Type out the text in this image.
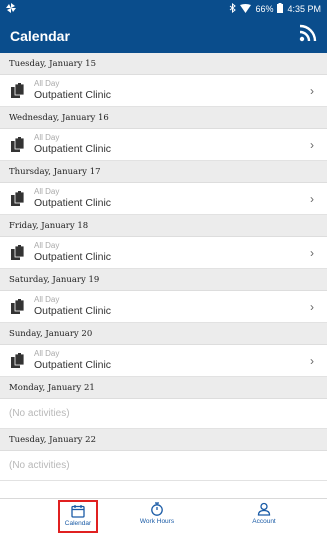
66% 4:35 PM
Calendar
Tuesday, January 15
All Day
Outpatient Clinic	›
Wednesday, January 16
All Day
Outpatient Clinic	›
Thursday, January 17
All Day
Outpatient Clinic	›
Friday, January 18
All Day
Outpatient Clinic	›
Saturday, January 19
All Day
Outpatient Clinic	›
Sunday, January 20
All Day
Outpatient Clinic	›
Monday, January 21
(No activities)
Tuesday, January 22
(No activities)
Calendar	Work Hours	Account
